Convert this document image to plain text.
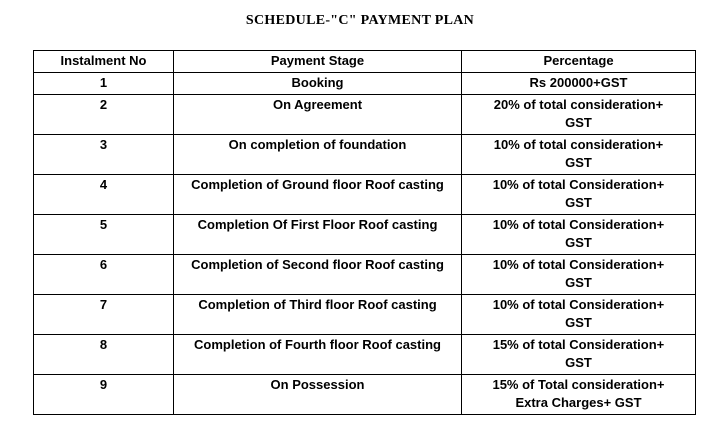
SCHEDULE-"C" PAYMENT PLAN
Instalment No	Payment Stage	Percentage
1	Booking	Rs 200000+GST
2	On Agreement	20% of total consideration+
GST

3	On completion of foundation	10% of total consideration+
GST

4	Completion of Ground floor Roof casting	10% of total Consideration+
GST

5	Completion Of First Floor Roof casting	10% of total Consideration+
GST

6	Completion of Second floor Roof casting	10% of total Consideration+
GST

7	Completion of Third floor Roof casting	10% of total Consideration+
GST

8	Completion of Fourth floor Roof casting	15% of total Consideration+
GST

9	On Possession	15% of Total consideration+
Extra Charges+ GST
